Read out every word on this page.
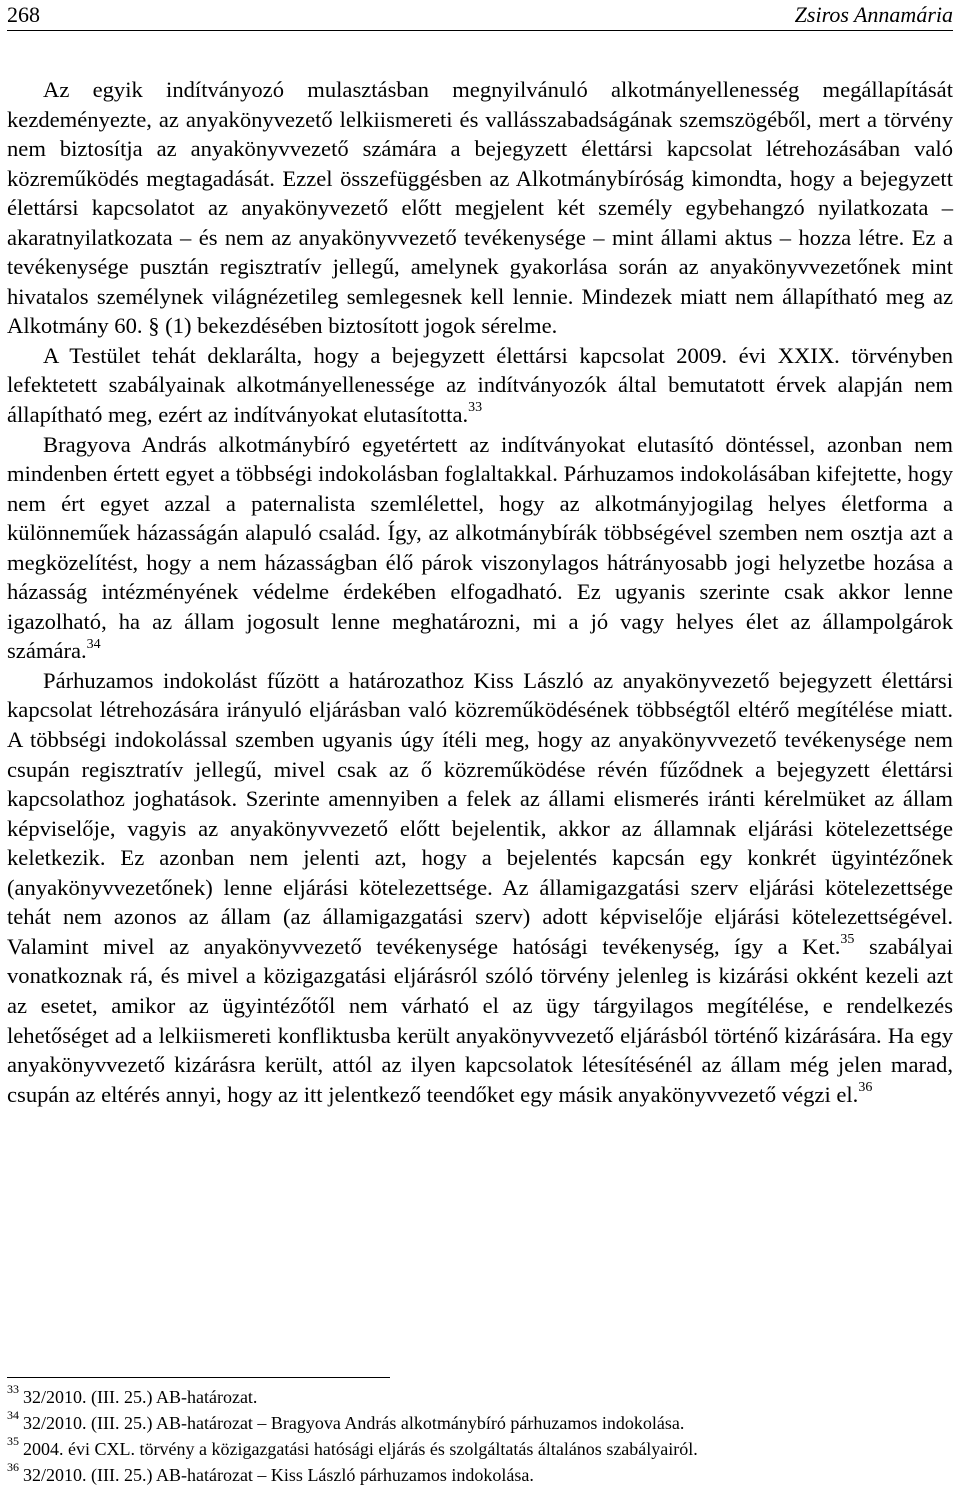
268	Zsiros Annamária

Az egyik indítványozó mulasztásban megnyilvánuló alkotmányellenesség megállapítását kezdeményezte, az anyakönyvezető lelkiismereti és vallásszabadságának szemszögéből, mert a törvény nem biztosítja az anyakönyvvezető számára a bejegyzett élettársi kapcsolat létrehozásában való közreműködés megtagadását. Ezzel összefüggésben az Alkotmánybíróság kimondta, hogy a bejegyzett élettársi kapcsolatot az anyakönyvezető előtt megjelent két személy egybehangzó nyilatkozata – akaratnyilatkozata – és nem az anyakönyvvezető tevékenysége – mint állami aktus – hozza létre. Ez a tevékenysége pusztán regisztratív jellegű, amelynek gyakorlása során az anyakönyvvezetőnek mint hivatalos személynek világnézetileg semlegesnek kell lennie. Mindezek miatt nem állapítható meg az Alkotmány 60. § (1) bekezdésében biztosított jogok sérelme.

A Testület tehát deklarálta, hogy a bejegyzett élettársi kapcsolat 2009. évi XXIX. törvényben lefektetett szabályainak alkotmányellenessége az indítványozók által bemutatott érvek alapján nem állapítható meg, ezért az indítványokat elutasította.$^{33}$

Bragyova András alkotmánybíró egyetértett az indítványokat elutasító döntéssel, azonban nem mindenben értett egyet a többségi indokolásban foglaltakkal. Párhuzamos indokolásában kifejtette, hogy nem ért egyet azzal a paternalista szemlélettel, hogy az alkotmányjogilag helyes életforma a különneműek házasságán alapuló család. Így, az alkotmánybírák többségével szemben nem osztja azt a megközelítést, hogy a nem házasságban élő párok viszonylagos hátrányosabb jogi helyzetbe hozása a házasság intézményének védelme érdekében elfogadható. Ez ugyanis szerinte csak akkor lenne igazolható, ha az állam jogosult lenne meghatározni, mi a jó vagy helyes élet az állampolgárok számára.$^{34}$

Párhuzamos indokolást fűzött a határozathoz Kiss László az anyakönyvezető bejegyzett élettársi kapcsolat létrehozására irányuló eljárásban való közreműködésének többségtől eltérő megítélése miatt. A többségi indokolással szemben ugyanis úgy ítéli meg, hogy az anyakönyvvezető tevékenysége nem csupán regisztratív jellegű, mivel csak az ő közreműködése révén fűződnek a bejegyzett élettársi kapcsolathoz joghatások. Szerinte amennyiben a felek az állami elismerés iránti kérelmüket az állam képviselője, vagyis az anyakönyvvezető előtt bejelentik, akkor az államnak eljárási kötelezettsége keletkezik. Ez azonban nem jelenti azt, hogy a bejelentés kapcsán egy konkrét ügyintézőnek (anyakönyvvezetőnek) lenne eljárási kötelezettsége. Az államigazgatási szerv eljárási kötelezettsége tehát nem azonos az állam (az államigazgatási szerv) adott képviselője eljárási kötelezettségével. Valamint mivel az anyakönyvvezető tevékenysége hatósági tevékenység, így a Ket.$^{35}$ szabályai vonatkoznak rá, és mivel a közigazgatási eljárásról szóló törvény jelenleg is kizárási okként kezeli azt az esetet, amikor az ügyintézőtől nem várható el az ügy tárgyilagos megítélése, e rendelkezés lehetőséget ad a lelkiismereti konfliktusba került anyakönyvvezető eljárásból történő kizárására. Ha egy anyakönyvvezető kizárásra került, attól az ilyen kapcsolatok létesítésénél az állam még jelen marad, csupán az eltérés annyi, hogy az itt jelentkező teendőket egy másik anyakönyvvezető végzi el.$^{36}$

$^{33}$ 32/2010. (III. 25.) AB-határozat.
$^{34}$ 32/2010. (III. 25.) AB-határozat – Bragyova András alkotmánybíró párhuzamos indokolása.
$^{35}$ 2004. évi CXL. törvény a közigazgatási hatósági eljárás és szolgáltatás általános szabályairól.
$^{36}$ 32/2010. (III. 25.) AB-határozat – Kiss László párhuzamos indokolása.
